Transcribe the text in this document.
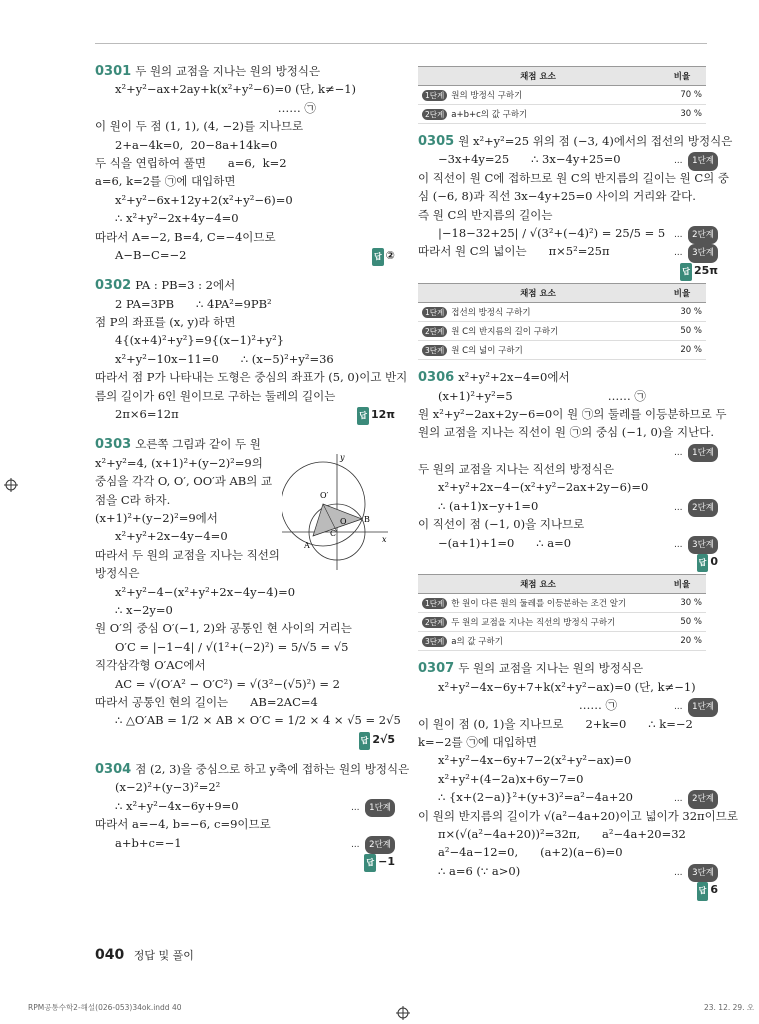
0301 두 원의 교점을 지나는 원의 방정식은
x²+y²−ax+2ay+k(x²+y²−6)=0 (단, k≠−1)
…… ㉠
이 원이 두 점 (1, 1), (4, −2)를 지나므로
2+a−4k=0,  20−8a+14k=0
두 식을 연립하여 풀면      a=6,  k=2
a=6, k=2를 ㉠에 대입하면
x²+y²−6x+12y+2(x²+y²−6)=0
∴ x²+y²−2x+4y−4=0
따라서 A=−2, B=4, C=−4이므로
A−B−C=−2	답 ②
0302 PA : PB=3 : 2에서
2 PA=3PB      ∴ 4PA²=9PB²
점 P의 좌표를 (x, y)라 하면
4{(x+4)²+y²}=9{(x−1)²+y²}
x²+y²−10x−11=0      ∴ (x−5)²+y²=36
따라서 점 P가 나타내는 도형은 중심의 좌표가 (5, 0)이고 반지
름의 길이가 6인 원이므로 구하는 둘레의 길이는
2π×6=12π	답 12π
0303 오른쪽 그림과 같이 두 원
x²+y²=4, (x+1)²+(y−2)²=9의
중심을 각각 O, O′, OO′과 AB의 교
점을 C라 하자.
(x+1)²+(y−2)²=9에서
x²+y²+2x−4y−4=0
따라서 두 원의 교점을 지나는 직선의
방정식은
x²+y²−4−(x²+y²+2x−4y−4)=0
∴ x−2y=0
원 O′의 중심 O′(−1, 2)와 공통인 현 사이의 거리는
O′C = |−1−4| / √(1²+(−2)²) = 5/√5 = √5
직각삼각형 O′AC에서
AC = √(O′A² − O′C²) = √(3²−(√5)²) = 2
따라서 공통인 현의 길이는      AB=2AC=4
∴ △O′AB = 1/2 × AB × O′C = 1/2 × 4 × √5 = 2√5
답 2√5
0304 점 (2, 3)을 중심으로 하고 y축에 접하는 원의 방정식은
(x−2)²+(y−3)²=2²
∴ x²+y²−4x−6y+9=0	… 1단계
따라서 a=−4, b=−6, c=9이므로
a+b+c=−1	… 2단계
답 −1
y
O′
O B
C
A
x
채점 요소	비율
1단계 원의 방정식 구하기	70 %
2단계 a+b+c의 값 구하기	30 %
0305 원 x²+y²=25 위의 점 (−3, 4)에서의 접선의 방정식은
−3x+4y=25      ∴ 3x−4y+25=0	… 1단계
이 직선이 원 C에 접하므로 원 C의 반지름의 길이는 원 C의 중
심 (−6, 8)과 직선 3x−4y+25=0 사이의 거리와 같다.
즉 원 C의 반지름의 길이는
|−18−32+25| / √(3²+(−4)²) = 25/5 = 5 … 2단계
따라서 원 C의 넓이는      π×5²=25π	… 3단계
답 25π
채점 요소	비율
1단계 접선의 방정식 구하기	30 %
2단계 원 C의 반지름의 길이 구하기	50 %
3단계 원 C의 넓이 구하기	20 %
0306 x²+y²+2x−4=0에서
(x+1)²+y²=5                          …… ㉠
원 x²+y²−2ax+2y−6=0이 원 ㉠의 둘레를 이등분하므로 두
원의 교점을 지나는 직선이 원 ㉠의 중심 (−1, 0)을 지난다.
… 1단계
두 원의 교점을 지나는 직선의 방정식은
x²+y²+2x−4−(x²+y²−2ax+2y−6)=0
∴ (a+1)x−y+1=0	… 2단계
이 직선이 점 (−1, 0)을 지나므로
−(a+1)+1=0      ∴ a=0	… 3단계
답 0
채점 요소	비율
1단계 한 원이 다른 원의 둘레를 이등분하는 조건 알기	30 %
2단계 두 원의 교점을 지나는 직선의 방정식 구하기	50 %
3단계 a의 값 구하기	20 %
0307 두 원의 교점을 지나는 원의 방정식은
x²+y²−4x−6y+7+k(x²+y²−ax)=0 (단, k≠−1)
…… ㉠	… 1단계
이 원이 점 (0, 1)을 지나므로      2+k=0      ∴ k=−2
k=−2를 ㉠에 대입하면
x²+y²−4x−6y+7−2(x²+y²−ax)=0
x²+y²+(4−2a)x+6y−7=0
∴ {x+(2−a)}²+(y+3)²=a²−4a+20	… 2단계
이 원의 반지름의 길이가 √(a²−4a+20)이고 넓이가 32π이므로
π×(√(a²−4a+20))²=32π,      a²−4a+20=32
a²−4a−12=0,      (a+2)(a−6)=0
∴ a=6 (∵ a>0)	… 3단계
답 6
040 정답 및 풀이
RPM공통수학2-해설(026-053)34ok.indd 40	23. 12. 29. 오
